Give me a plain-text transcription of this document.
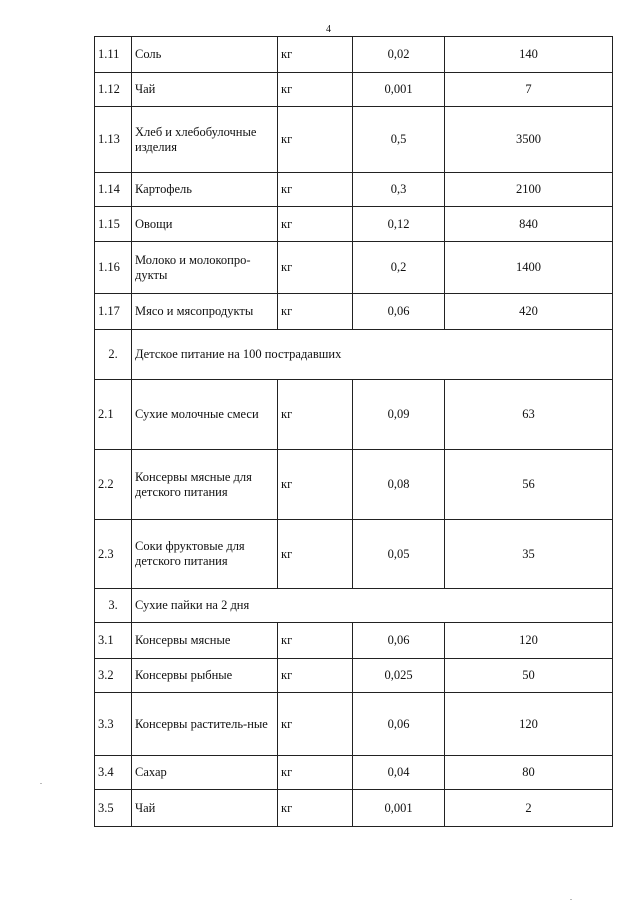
4
1.11	Соль	кг	0,02	140
1.12	Чай	кг	0,001	7
1.13	Хлеб и хлебобулочные изделия	кг	0,5	3500
1.14	Картофель	кг	0,3	2100
1.15	Овощи	кг	0,12	840
1.16	Молоко и молокопро-дукты	кг	0,2	1400
1.17	Мясо и мясопродукты	кг	0,06	420
2.	Детское питание на 100 пострадавших			
2.1	Сухие молочные смеси	кг	0,09	63
2.2	Консервы мясные для детского питания	кг	0,08	56
2.3	Соки фруктовые для детского питания	кг	0,05	35
3.	Сухие пайки на 2 дня			
3.1	Консервы мясные	кг	0,06	120
3.2	Консервы рыбные	кг	0,025	50
3.3	Консервы раститель-ные	кг	0,06	120
3.4	Сахар	кг	0,04	80
3.5	Чай	кг	0,001	2
